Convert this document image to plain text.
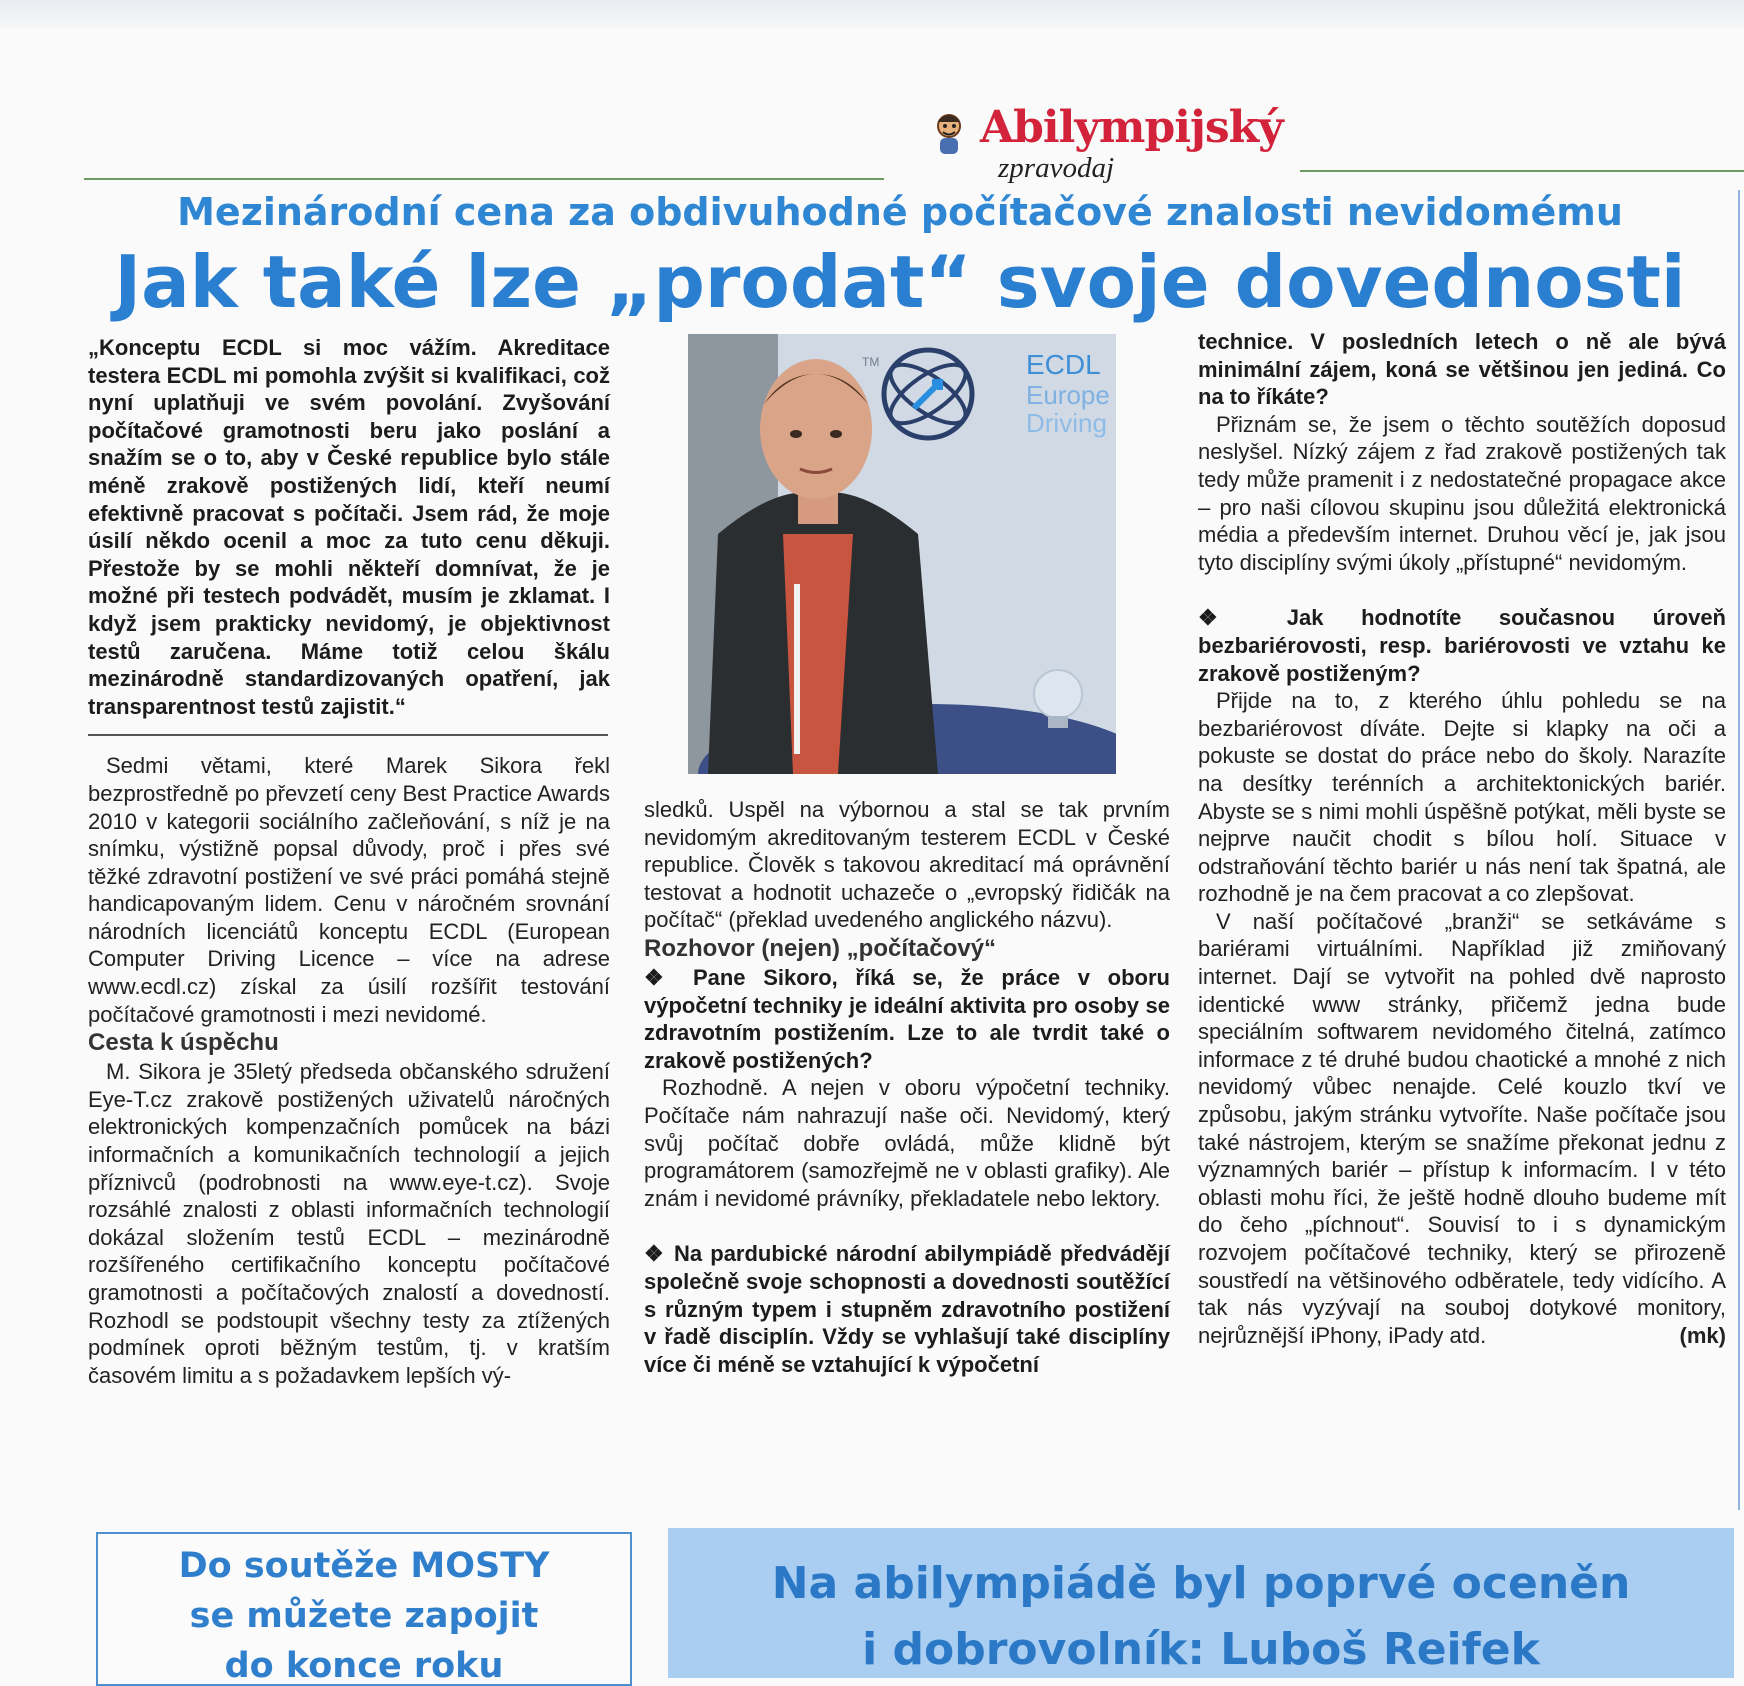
Abilympijský
zpravodaj
Mezinárodní cena za obdivuhodné počítačové znalosti nevidomému
Jak také lze „prodat“ svoje dovednosti

„Konceptu ECDL si moc vážím. Akreditace testera ECDL mi pomohla zvýšit si kvalifikaci, což nyní uplatňuji ve svém povolání. Zvyšování počítačové gramotnosti beru jako poslání a snažím se o to, aby v České republice bylo stále méně zrakově postižených lidí, kteří neumí efektivně pracovat s počítači. Jsem rád, že moje úsilí někdo ocenil a moc za tuto cenu děkuji. Přestože by se mohli někteří domnívat, že je možné při testech podvádět, musím je zklamat. I když jsem prakticky nevidomý, je objektivnost testů zaručena. Máme totiž celou škálu mezinárodně standardizovaných opatření, jak transparentnost testů zajistit.“

Sedmi větami, které Marek Sikora řekl bezprostředně po převzetí ceny Best Practice Awards 2010 v kategorii sociálního začleňování, s níž je na snímku, výstižně popsal důvody, proč i přes své těžké zdravotní postižení ve své práci pomáhá stejně handicapovaným lidem. Cenu v náročném srovnání národních licenciátů konceptu ECDL (European Computer Driving Licence – více na adrese www.ecdl.cz) získal za úsilí rozšířit testování počítačové gramotnosti i mezi nevidomé.

Cesta k úspěchu

M. Sikora je 35letý předseda občanského sdružení Eye-T.cz zrakově postižených uživatelů náročných elektronických kompenzačních pomůcek na bázi informačních a komunikačních technologií a jejich příznivců (podrobnosti na www.eye-t.cz). Svoje rozsáhlé znalosti z oblasti informačních technologií dokázal složením testů ECDL – mezinárodně rozšířeného certifikačního konceptu počítačové gramotnosti a počítačových znalostí a dovedností. Rozhodl se podstoupit všechny testy za ztížených podmínek oproti běžným testům, tj. v kratším časovém limitu a s požadavkem lepších vý-

TM	ECDL
Europe
Driving

sledků. Uspěl na výbornou a stal se tak prvním nevidomým akreditovaným testerem ECDL v České republice. Člověk s takovou akreditací má oprávnění testovat a hodnotit uchazeče o „evropský řidičák na počítač“ (překlad uvedeného anglického názvu).

Rozhovor (nejen) „počítačový“

❖ Pane Sikoro, říká se, že práce v oboru výpočetní techniky je ideální aktivita pro osoby se zdravotním postižením. Lze to ale tvrdit také o zrakově postižených?

Rozhodně. A nejen v oboru výpočetní techniky. Počítače nám nahrazují naše oči. Nevidomý, který svůj počítač dobře ovládá, může klidně být programátorem (samozřejmě ne v oblasti grafiky). Ale znám i nevidomé právníky, překladatele nebo lektory.

❖ Na pardubické národní abilympiádě předvádějí společně svoje schopnosti a dovednosti soutěžící s různým typem i stupněm zdravotního postižení v řadě disciplín. Vždy se vyhlašují také disciplíny více či méně se vztahující k výpočetní

technice. V posledních letech o ně ale bývá minimální zájem, koná se většinou jen jediná. Co na to říkáte?

Přiznám se, že jsem o těchto soutěžích doposud neslyšel. Nízký zájem z řad zrakově postižených tak tedy může pramenit i z nedostatečné propagace akce – pro naši cílovou skupinu jsou důležitá elektronická média a především internet. Druhou věcí je, jak jsou tyto disciplíny svými úkoly „přístupné“ nevidomým.

❖ Jak hodnotíte současnou úroveň bezbariérovosti, resp. bariérovosti ve vztahu ke zrakově postiženým?

Přijde na to, z kterého úhlu pohledu se na bezbariérovost díváte. Dejte si klapky na oči a pokuste se dostat do práce nebo do školy. Narazíte na desítky terénních a architektonických bariér. Abyste se s nimi mohli úspěšně potýkat, měli byste se nejprve naučit chodit s bílou holí. Situace v odstraňování těchto bariér u nás není tak špatná, ale rozhodně je na čem pracovat a co zlepšovat.

V naší počítačové „branži“ se setkáváme s bariérami virtuálními. Například již zmiňovaný internet. Dají se vytvořit na pohled dvě naprosto identické www stránky, přičemž jedna bude speciálním softwarem nevidomého čitelná, zatímco informace z té druhé budou chaotické a mnohé z nich nevidomý vůbec nenajde. Celé kouzlo tkví ve způsobu, jakým stránku vytvoříte. Naše počítače jsou také nástrojem, kterým se snažíme překonat jednu z významných bariér – přístup k informacím. I v této oblasti mohu říci, že ještě hodně dlouho budeme mít do čeho „píchnout“. Souvisí to i s dynamickým rozvojem počítačové techniky, který se přirozeně soustředí na většinového odběratele, tedy vidícího. A tak nás vyzývají na souboj dotykové monitory, nejrůznější iPhony, iPady atd.	(mk)
Do soutěže MOSTY
se můžete zapojit
do konce roku
Na abilympiádě byl poprvé oceněn
i dobrovolník: Luboš Reifek
